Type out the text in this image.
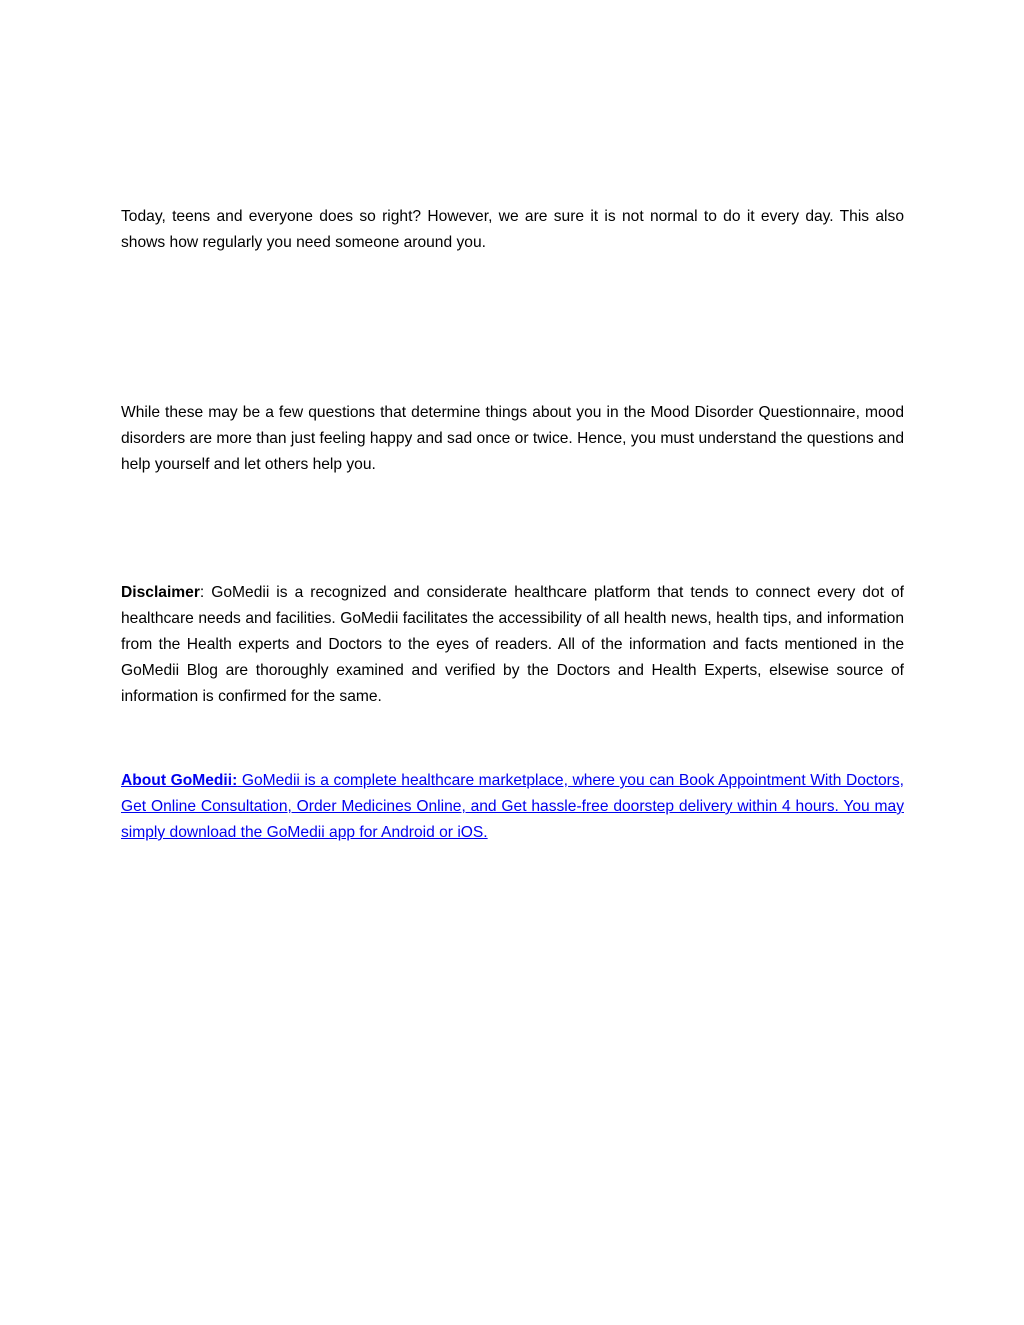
Today, teens and everyone does so right? However, we are sure it is not normal to do it every day. This also shows how regularly you need someone around you.

While these may be a few questions that determine things about you in the Mood Disorder Questionnaire, mood disorders are more than just feeling happy and sad once or twice. Hence, you must understand the questions and help yourself and let others help you.

Disclaimer: GoMedii is a recognized and considerate healthcare platform that tends to connect every dot of healthcare needs and facilities. GoMedii facilitates the accessibility of all health news, health tips, and information from the Health experts and Doctors to the eyes of readers. All of the information and facts mentioned in the GoMedii Blog are thoroughly examined and verified by the Doctors and Health Experts, elsewise source of information is confirmed for the same.

About GoMedii: GoMedii is a complete healthcare marketplace, where you can Book Appointment With Doctors, Get Online Consultation, Order Medicines Online, and Get hassle-free doorstep delivery within 4 hours. You may simply download the GoMedii app for Android or iOS.
